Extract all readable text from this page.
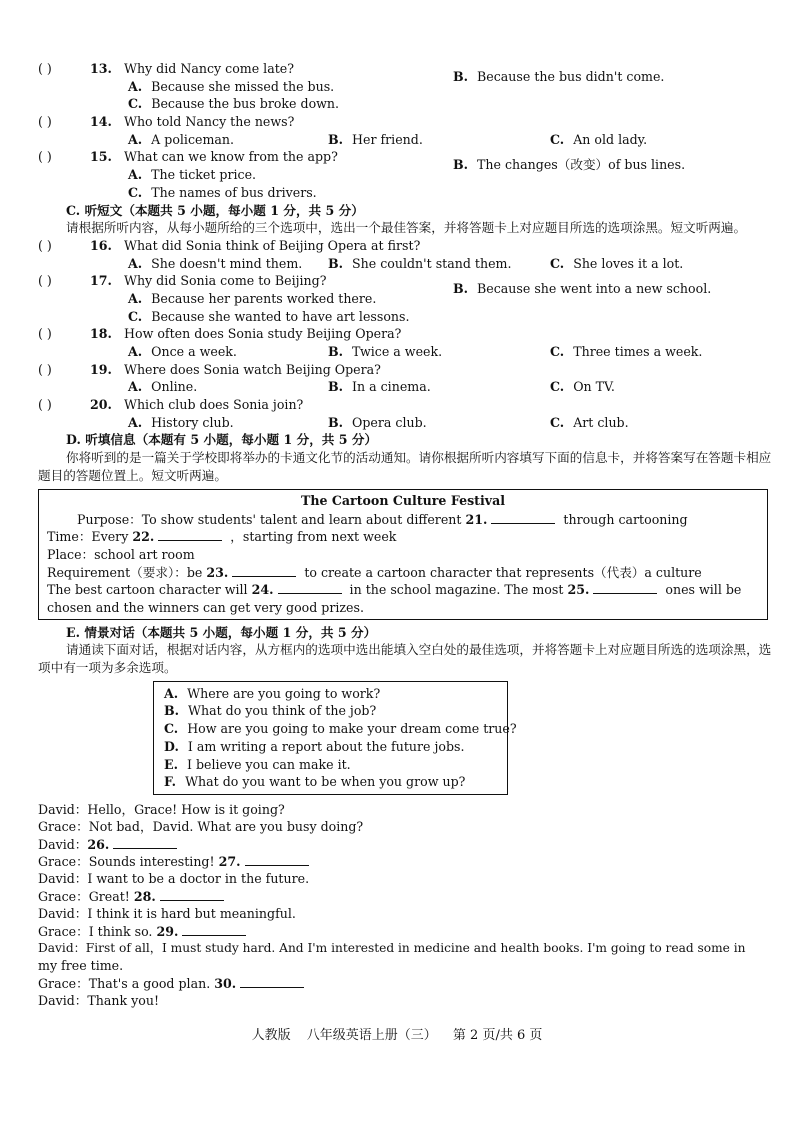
( )	13. Why did Nancy come late?
B. Because the bus didn't come.
A. Because she missed the bus.
C. Because the bus broke down.
( )	14. Who told Nancy the news?
A. A policeman.	B. Her friend.	C. An old lady.
( )	15. What can we know from the app?
B. The changes（改变）of bus lines.
A. The ticket price.
C. The names of bus drivers.
C. 听短文（本题共 5 小题，每小题 1 分，共 5 分）
请根据所听内容，从每小题所给的三个选项中，选出一个最佳答案，并将答题卡上对应题目所选的选项涂黑。短文听两遍。
( )	16. What did Sonia think of Beijing Opera at first?
A. She doesn't mind them. B. She couldn't stand them.	C. She loves it a lot.
( )	17. Why did Sonia come to Beijing?
B. Because she went into a new school.
A. Because her parents worked there.
C. Because she wanted to have art lessons.
( )	18. How often does Sonia study Beijing Opera?
A. Once a week.	B. Twice a week.	C. Three times a week.
( )	19. Where does Sonia watch Beijing Opera?
A. Online.	B. In a cinema.	C. On TV.
( )	20. Which club does Sonia join?
A. History club.	B. Opera club.	C. Art club.
D. 听填信息（本题有 5 小题，每小题 1 分，共 5 分）
你将听到的是一篇关于学校即将举办的卡通文化节的活动通知。请你根据所听内容填写下面的信息卡，并将答案写在答题卡相应题目的答题位置上。短文听两遍。
The Cartoon Culture Festival
Purpose：To show students' talent and learn about different 21.	through cartooning
Time：Every 22.	，starting from next week
Place：school art room
Requirement（要求）：be 23.	to create a cartoon character that represents（代表）a culture
The best cartoon character will 24.	in the school magazine. The most 25.	ones will be
chosen and the winners can get very good prizes.
E. 情景对话（本题共 5 小题，每小题 1 分，共 5 分）
请通读下面对话，根据对话内容，从方框内的选项中选出能填入空白处的最佳选项，并将答题卡上对应题目所选的选项涂黑，选项中有一项为多余选项。
A. Where are you going to work?
B. What do you think of the job?
C. How are you going to make your dream come true?
D. I am writing a report about the future jobs.
E. I believe you can make it.
F. What do you want to be when you grow up?
David：Hello，Grace! How is it going?
Grace：Not bad，David. What are you busy doing?
David：26.
Grace：Sounds interesting! 27.
David：I want to be a doctor in the future.
Grace：Great! 28.
David：I think it is hard but meaningful.
Grace：I think so. 29.
David：First of all，I must study hard. And I'm interested in medicine and health books. I'm going to read some in
my free time.
Grace：That's a good plan. 30.
David：Thank you!
人教版 八年级英语上册（三） 第 2 页/共 6 页
